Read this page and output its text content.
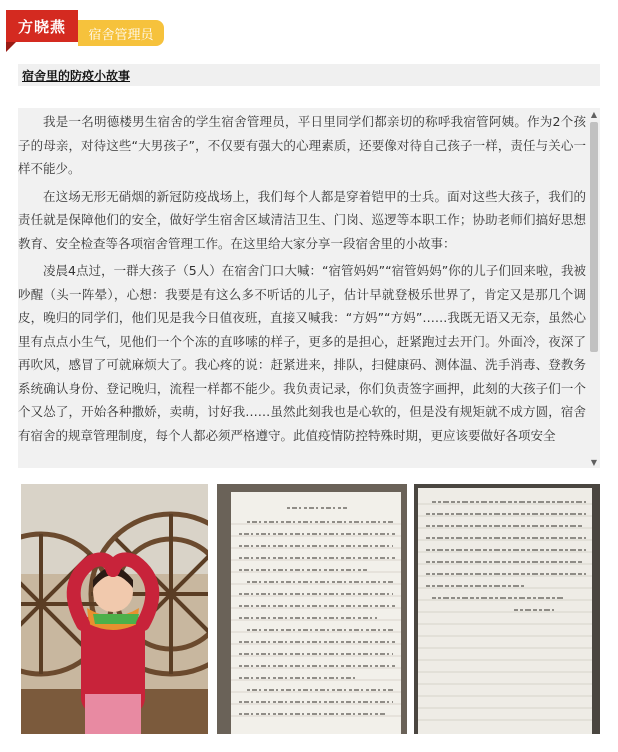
方晓燕	宿舍管理员
宿舍里的防疫小故事

我是一名明德楼男生宿舍的学生宿舍管理员，平日里同学们都亲切的称呼我宿管阿姨。作为2个孩子的母亲，对待这些“大男孩子”，不仅要有强大的心理素质，还要像对待自己孩子一样，责任与关心一样不能少。

在这场无形无硝烟的新冠防疫战场上，我们每个人都是穿着铠甲的士兵。面对这些大孩子，我们的责任就是保障他们的安全，做好学生宿舍区域清洁卫生、门岗、巡逻等本职工作；协助老师们搞好思想教育、安全检查等各项宿舍管理工作。在这里给大家分享一段宿舍里的小故事：

凌晨4点过，一群大孩子（5人）在宿舍门口大喊：“宿管妈妈”“宿管妈妈”你的儿子们回来啦，我被吵醒（头一阵晕），心想：我要是有这么多不听话的儿子，估计早就登极乐世界了，肯定又是那几个调皮，晚归的同学们，他们见是我今日值夜班，直接又喊我：“方妈”“方妈”……我既无语又无奈，虽然心里有点点小生气，见他们一个个冻的直哆嗦的样子，更多的是担心，赶紧跑过去开门。外面冷，夜深了再吹风，感冒了可就麻烦大了。我心疼的说：赶紧进来，排队，扫健康码、测体温、洗手消毒、登教务系统确认身份、登记晚归，流程一样都不能少。我负责记录，你们负责签字画押，此刻的大孩子们一个个又怂了，开始各种撒娇，卖萌，讨好我……虽然此刻我也是心软的，但是没有规矩就不成方圆，宿舍有宿舍的规章管理制度，每个人都必须严格遵守。此值疫情防控特殊时期，更应该要做好各项安全

▲
▼
